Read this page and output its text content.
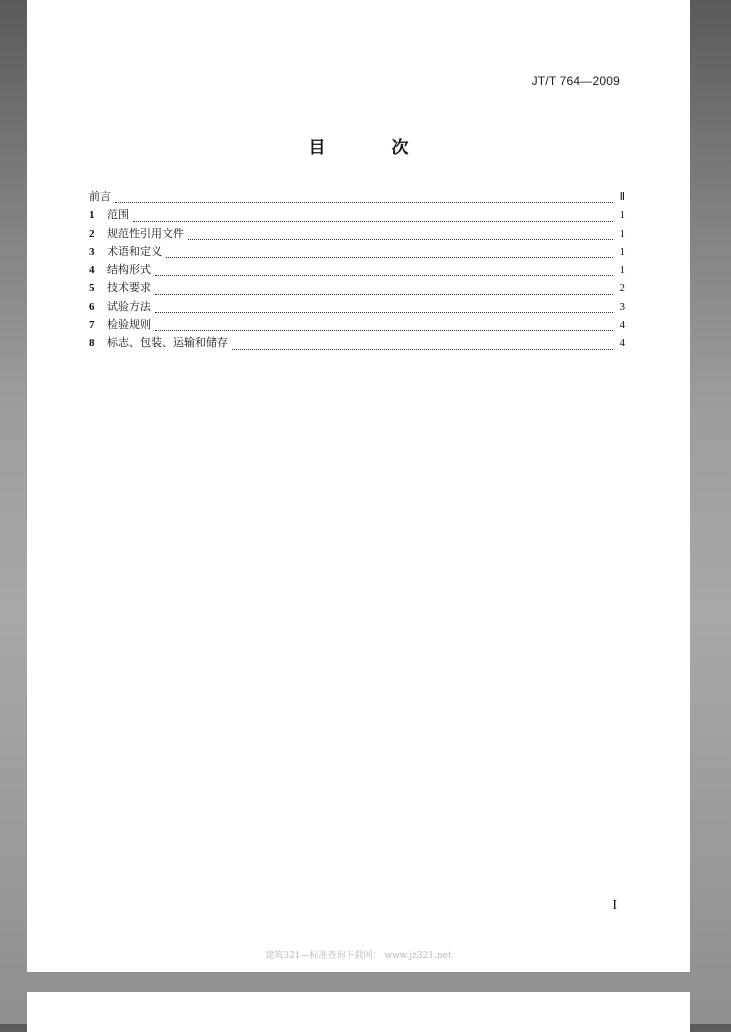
JT/T 764—2009
目 次
前言	Ⅱ
1	范围	1
2	规范性引用文件	1
3	术语和定义	1
4	结构形式	1
5	技术要求	2
6	试验方法	3
7	检验规则	4
8	标志、包装、运输和储存	4
I
建筑321—标准查询下载网： www.jz321.net
